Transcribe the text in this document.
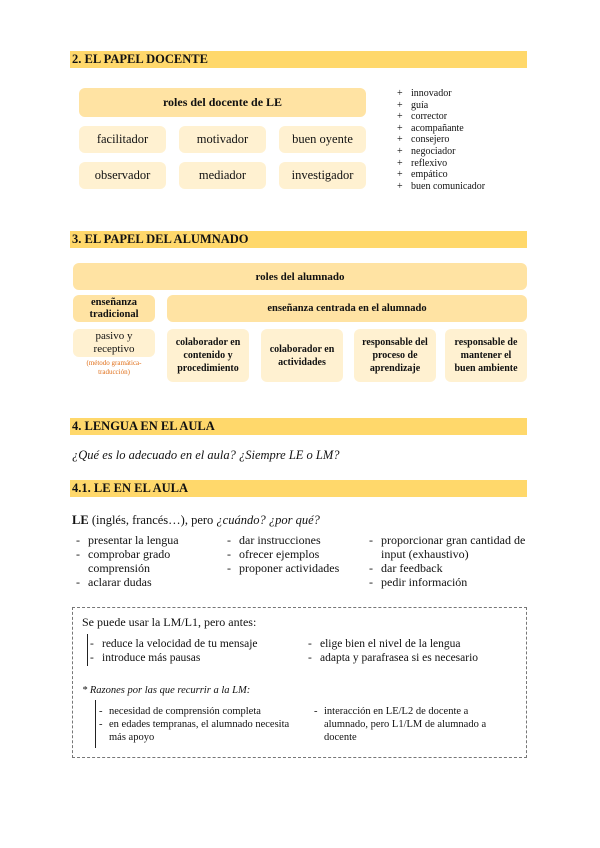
2. EL PAPEL DOCENTE
roles del docente de LE
facilitador	motivador	buen oyente
observador	mediador	investigador
+ innovador
+ guía
+ corrector
+ acompañante
+ consejero
+ negociador
+ reflexivo
+ empático
+ buen comunicador
3. EL PAPEL DEL ALUMNADO
roles del alumnado
enseñanza tradicional	enseñanza centrada en el alumnado
pasivo y receptivo
(método gramática-traducción)
colaborador en contenido y procedimiento
colaborador en actividades
responsable del proceso de aprendizaje
responsable de mantener el buen ambiente
4. LENGUA EN EL AULA
¿Qué es lo adecuado en el aula? ¿Siempre LE o LM?
4.1. LE EN EL AULA
LE (inglés, francés…), pero ¿cuándo? ¿por qué?
- presentar la lengua
- comprobar grado comprensión
- aclarar dudas
- dar instrucciones
- ofrecer ejemplos
- proponer actividades
- proporcionar gran cantidad de input (exhaustivo)
- dar feedback
- pedir información
Se puede usar la LM/L1, pero antes:
- reduce la velocidad de tu mensaje
- introduce más pausas
- elige bien el nivel de la lengua
- adapta y parafrasea si es necesario
* Razones por las que recurrir a la LM:
- necesidad de comprensión completa
- en edades tempranas, el alumnado necesita más apoyo
- interacción en LE/L2 de docente a alumnado, pero L1/LM de alumnado a docente
